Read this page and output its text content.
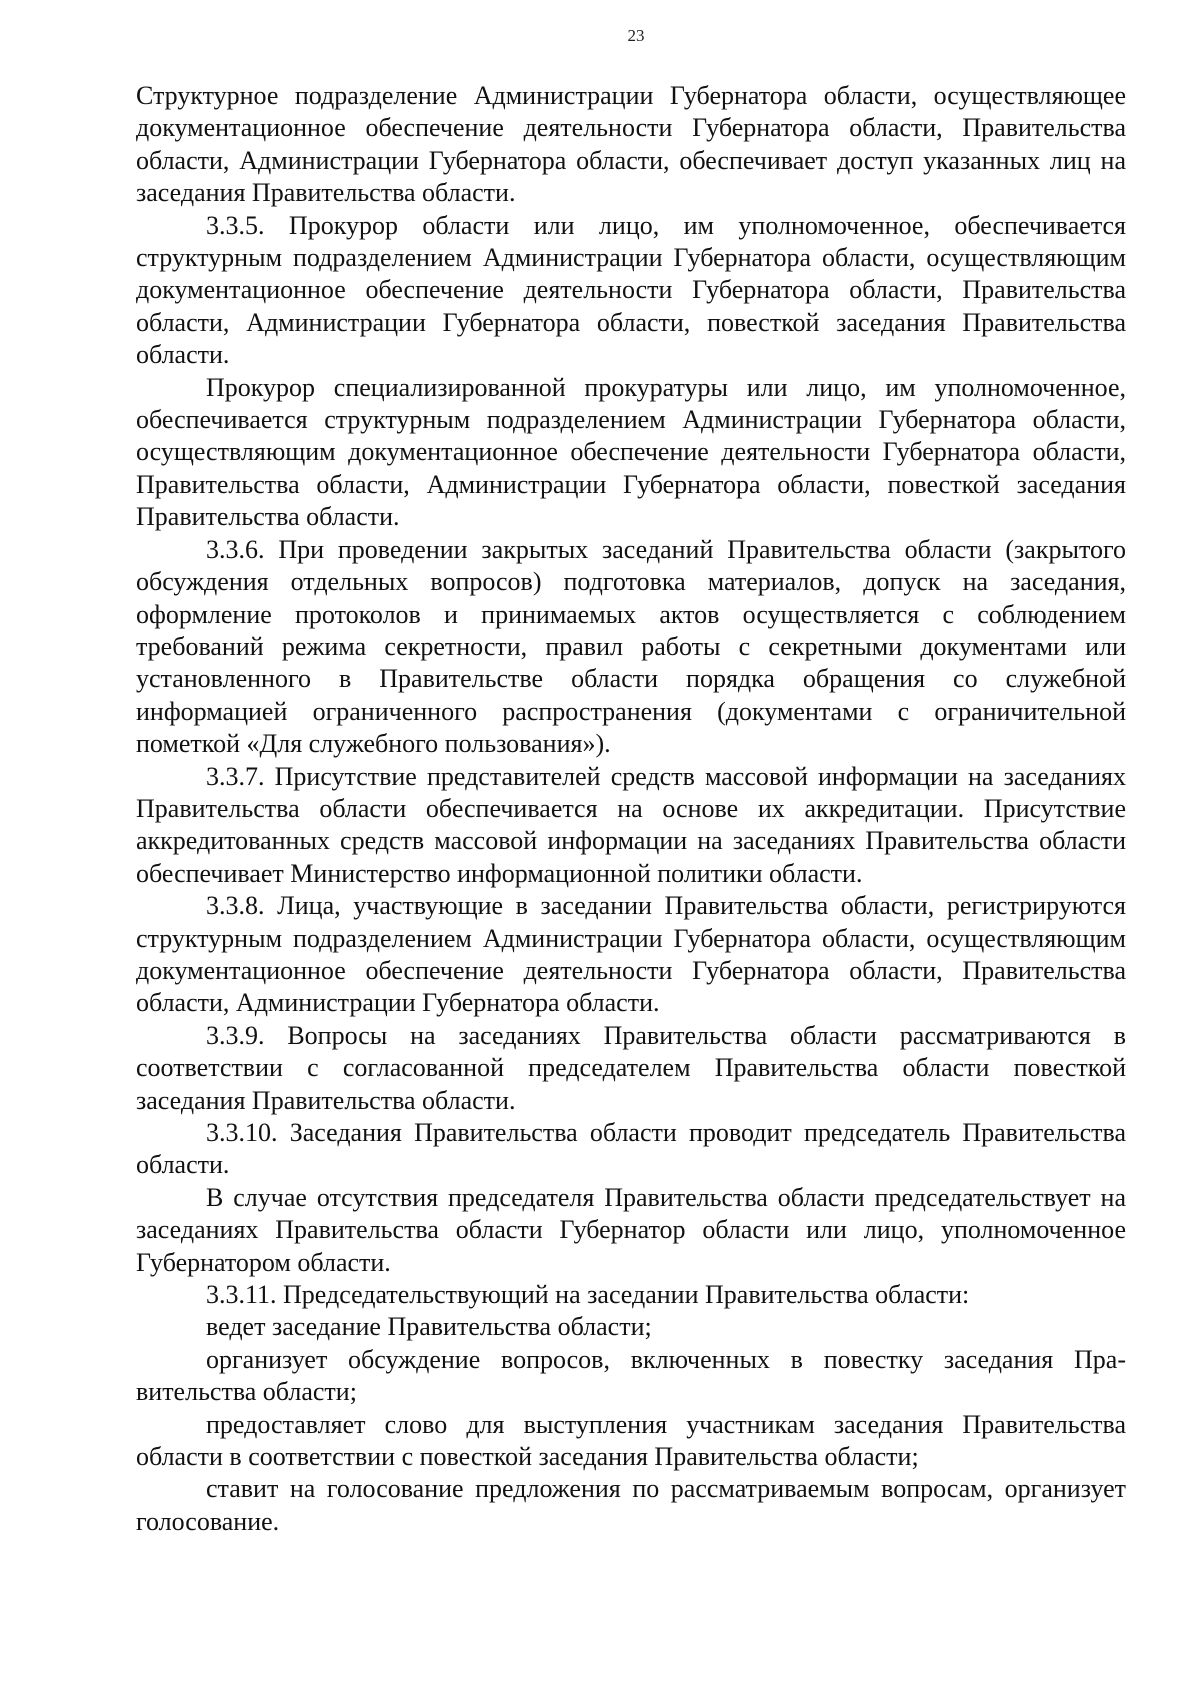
23

Структурное подразделение Администрации Губернатора области, осуществляющее документационное обеспечение деятельности Губернатора области, Правительства области, Администрации Губернатора области, обеспечивает доступ указанных лиц на заседания Правительства области.

3.3.5. Прокурор области или лицо, им уполномоченное, обеспечивается структурным подразделением Администрации Губернатора области, осуществляющим документационное обеспечение деятельности Губернатора области, Правительства области, Администрации Губернатора области, повесткой заседания Правительства области.

Прокурор специализированной прокуратуры или лицо, им уполномоченное, обеспечивается структурным подразделением Администрации Губернатора области, осуществляющим документационное обеспечение деятельности Губернатора области, Правительства области, Администрации Губернатора области, повесткой заседания Правительства области.

3.3.6. При проведении закрытых заседаний Правительства области (закрытого обсуждения отдельных вопросов) подготовка материалов, допуск на заседания, оформление протоколов и принимаемых актов осуществляется с соблюдением требований режима секретности, правил работы с секретными документами или установленного в Правительстве области порядка обращения со служебной информацией ограниченного распространения (документами с ограничительной пометкой «Для служебного пользования»).

3.3.7. Присутствие представителей средств массовой информации на заседаниях Правительства области обеспечивается на основе их аккредитации. Присутствие аккредитованных средств массовой информации на заседаниях Правительства области обеспечивает Министерство информационной политики области.

3.3.8. Лица, участвующие в заседании Правительства области, регистрируются структурным подразделением Администрации Губернатора области, осуществляющим документационное обеспечение деятельности Губернатора области, Правительства области, Администрации Губернатора области.

3.3.9. Вопросы на заседаниях Правительства области рассматриваются в соответствии с согласованной председателем Правительства области повесткой заседания Правительства области.

3.3.10. Заседания Правительства области проводит председатель Правительства области.

В случае отсутствия председателя Правительства области председательствует на заседаниях Правительства области Губернатор области или лицо, уполномоченное Губернатором области.

3.3.11. Председательствующий на заседании Правительства области:

ведет заседание Правительства области;

организует обсуждение вопросов, включенных в повестку заседания Правительства области;

предоставляет слово для выступления участникам заседания Правительства области в соответствии с повесткой заседания Правительства области;

ставит на голосование предложения по рассматриваемым вопросам, организует голосование.
